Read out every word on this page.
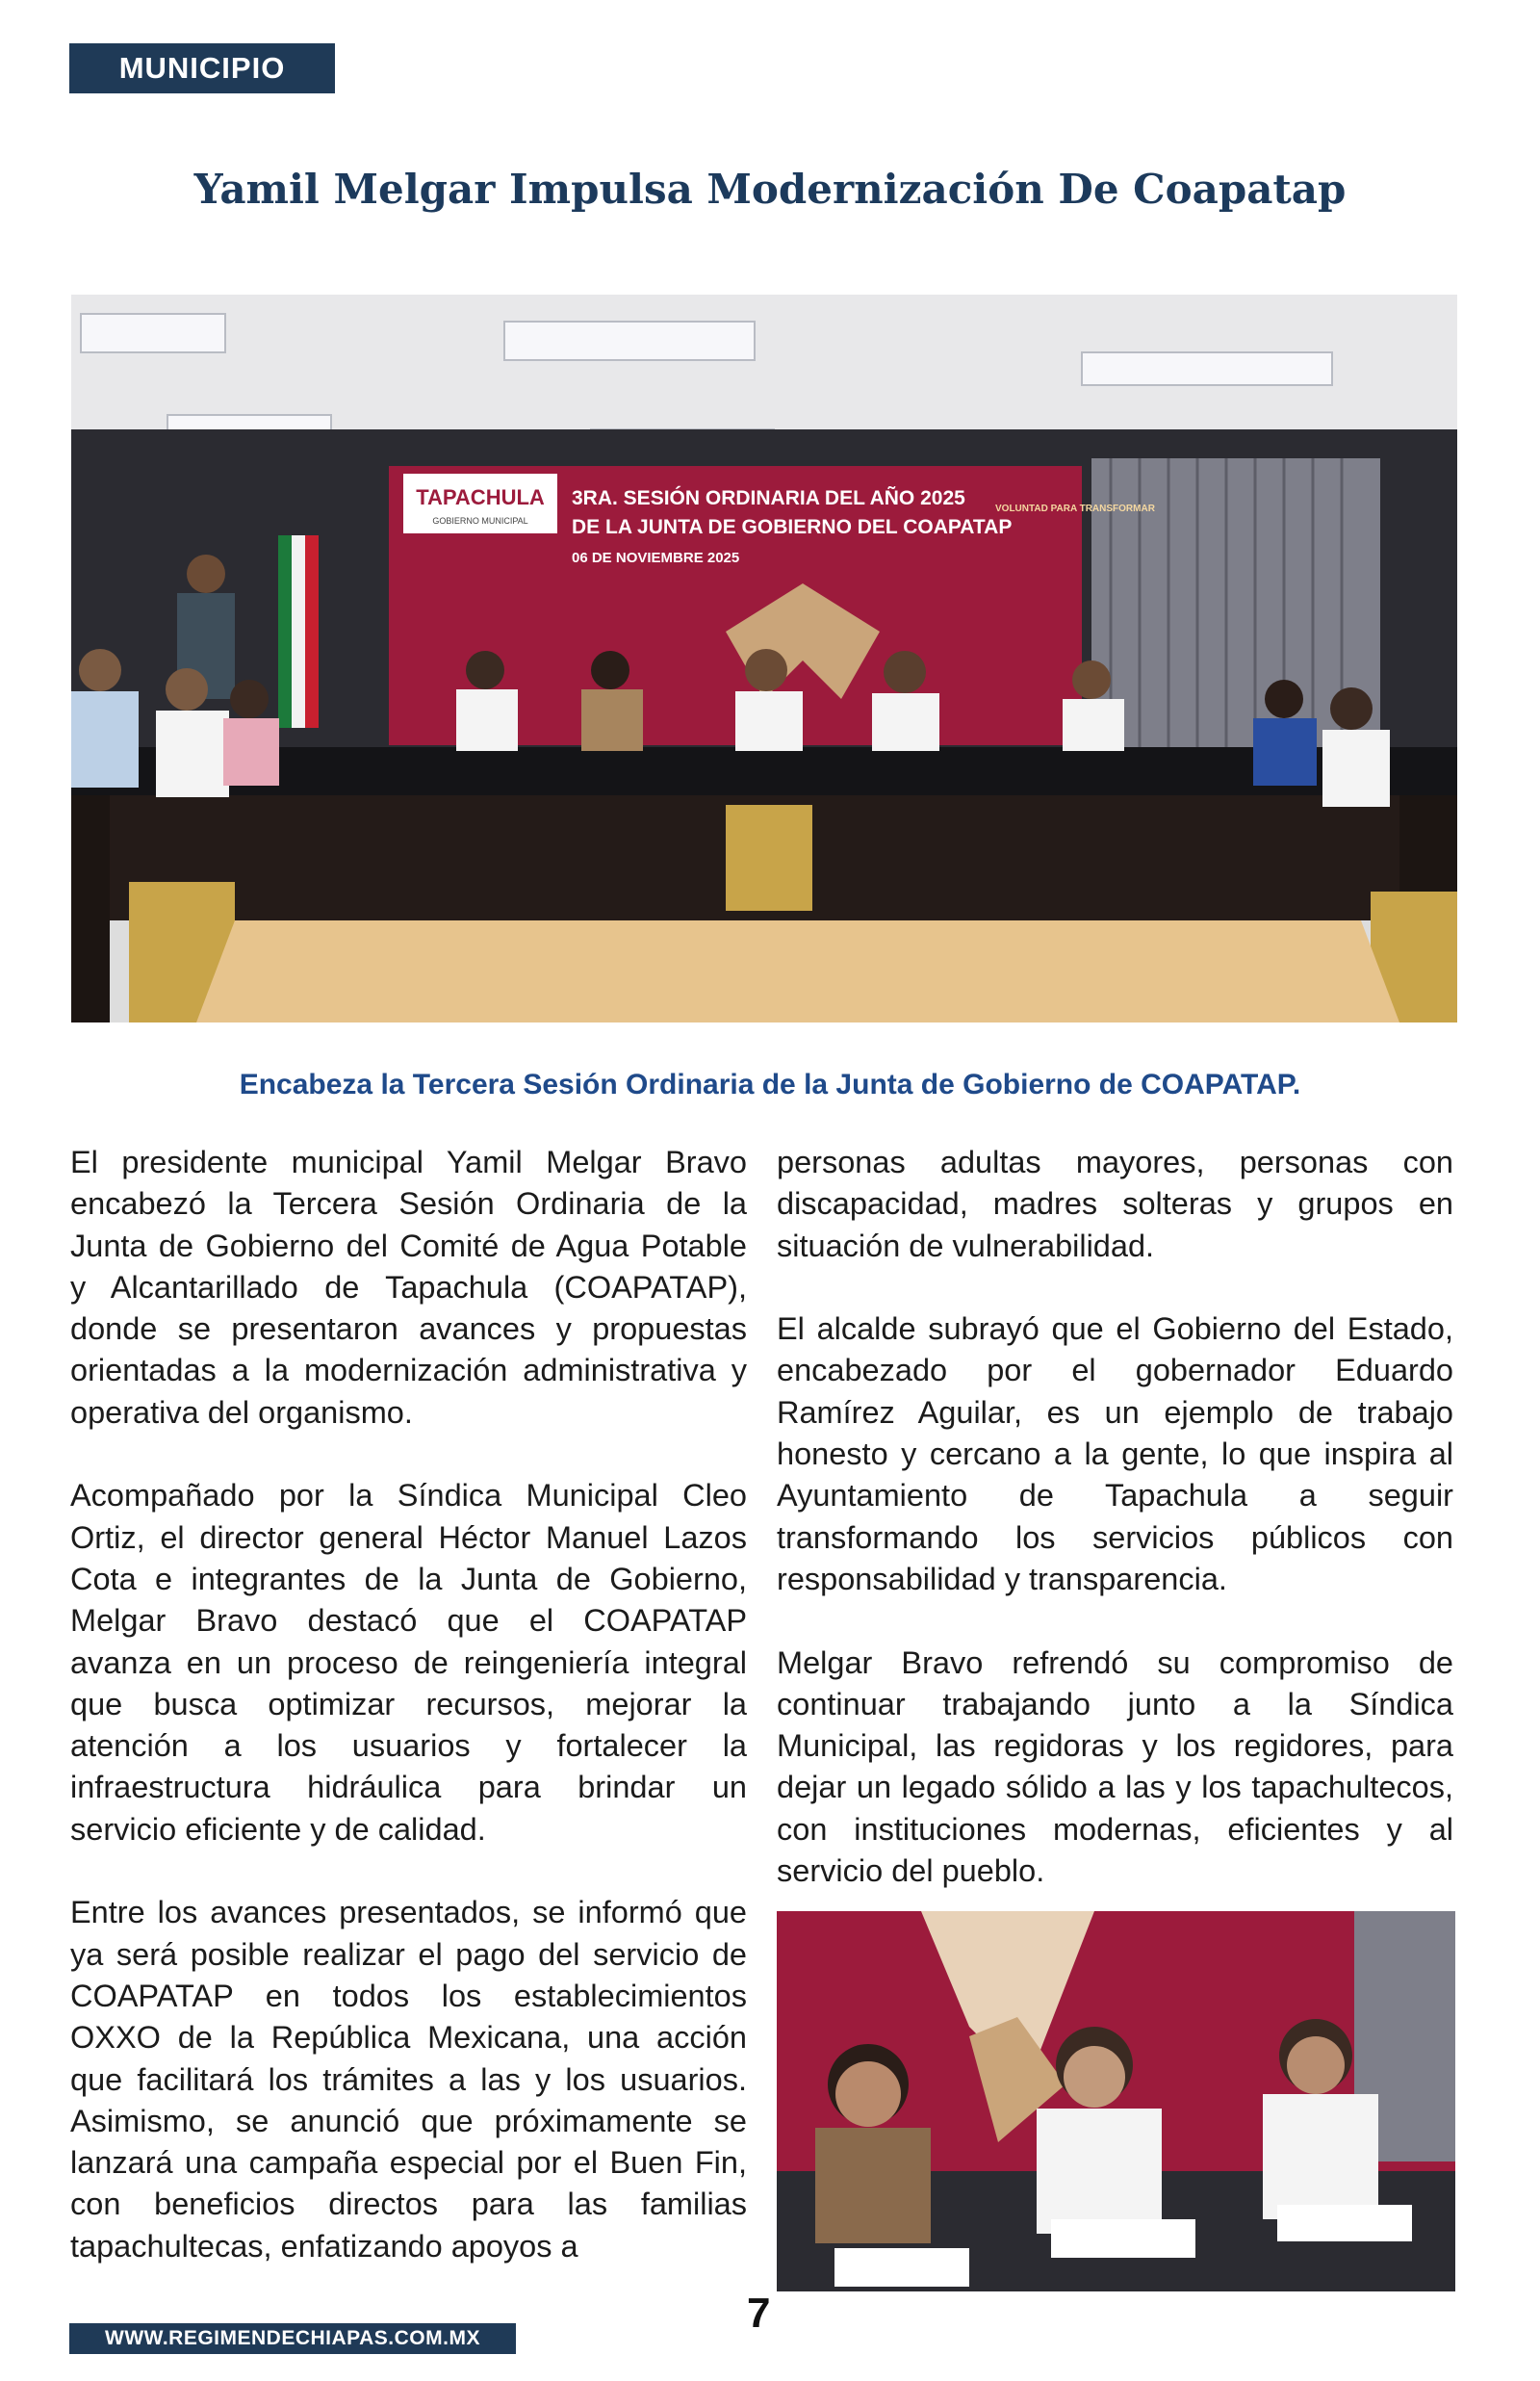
MUNICIPIO
Yamil Melgar Impulsa Modernización De Coapatap
TAPACHULA
GOBIERNO MUNICIPAL
3RA. SESIÓN ORDINARIA DEL AÑO 2025
DE LA JUNTA DE GOBIERNO DEL COAPATAP
06 DE NOVIEMBRE 2025
VOLUNTAD PARA TRANSFORMAR
Encabeza la Tercera Sesión Ordinaria de la Junta de Gobierno de COAPATAP.

El presidente municipal Yamil Melgar Bravo encabezó la Tercera Sesión Ordinaria de la Junta de Gobierno del Comité de Agua Potable y Alcantarillado de Tapachula (COAPATAP), donde se presentaron avances y propuestas orientadas a la modernización administrativa y operativa del organismo.

Acompañado por la Síndica Municipal Cleo Ortiz, el director general Héctor Manuel Lazos Cota e integrantes de la Junta de Gobierno, Melgar Bravo destacó que el COAPATAP avanza en un proceso de reingeniería integral que busca optimizar recursos, mejorar la atención a los usuarios y fortalecer la infraestructura hidráulica para brindar un servicio eficiente y de calidad.

Entre los avances presentados, se informó que ya será posible realizar el pago del servicio de COAPATAP en todos los establecimientos OXXO de la República Mexicana, una acción que facilitará los trámites a las y los usuarios. Asimismo, se anunció que próximamente se lanzará una campaña especial por el Buen Fin, con beneficios directos para las familias tapachultecas, enfatizando apoyos a

personas adultas mayores, personas con discapacidad, madres solteras y grupos en situación de vulnerabilidad.

El alcalde subrayó que el Gobierno del Estado, encabezado por el gobernador Eduardo Ramírez Aguilar, es un ejemplo de trabajo honesto y cercano a la gente, lo que inspira al Ayuntamiento de Tapachula a seguir transformando los servicios públicos con responsabilidad y transparencia.

Melgar Bravo refrendó su compromiso de continuar trabajando junto a la Síndica Municipal, las regidoras y los regidores, para dejar un legado sólido a las y los tapachultecos, con instituciones modernas, eficientes y al servicio del pueblo.

7
WWW.REGIMENDECHIAPAS.COM.MX
